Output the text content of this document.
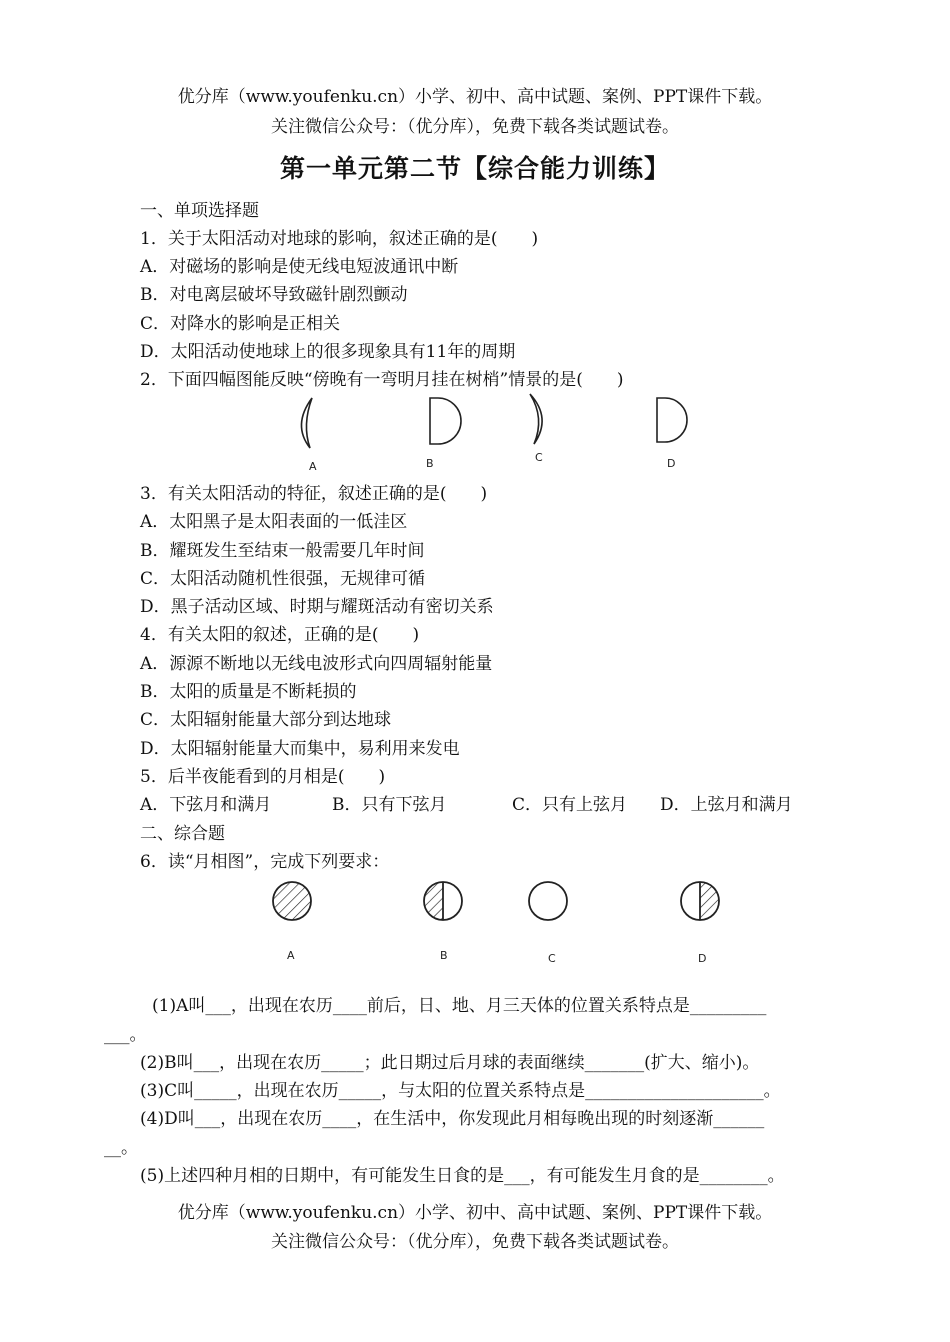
优分库（www.youfenku.cn）小学、初中、高中试题、案例、PPT课件下载。
关注微信公众号：（优分库），免费下载各类试题试卷。
第一单元第二节【综合能力训练】
一、单项选择题
1．关于太阳活动对地球的影响，叙述正确的是(　　)
A．对磁场的影响是使无线电短波通讯中断
B．对电离层破坏导致磁针剧烈颤动
C．对降水的影响是正相关
D．太阳活动使地球上的很多现象具有11年的周期
2．下面四幅图能反映“傍晚有一弯明月挂在树梢”情景的是(　　)
A	B	C	D
3．有关太阳活动的特征，叙述正确的是(　　)
A．太阳黑子是太阳表面的一低洼区
B．耀斑发生至结束一般需要几年时间
C．太阳活动随机性很强，无规律可循
D．黑子活动区域、时期与耀斑活动有密切关系
4．有关太阳的叙述，正确的是(　　)
A．源源不断地以无线电波形式向四周辐射能量
B．太阳的质量是不断耗损的
C．太阳辐射能量大部分到达地球
D．太阳辐射能量大而集中，易利用来发电
5．后半夜能看到的月相是(　　)
A．下弦月和满月	B．只有下弦月	C．只有上弦月 D．上弦月和满月
二、综合题
6．读“月相图”，完成下列要求：
A	B	C	D
(1)A叫___，出现在农历____前后，日、地、月三天体的位置关系特点是_________
___。
(2)B叫___，出现在农历_____；此日期过后月球的表面继续_______(扩大、缩小)。
(3)C叫_____，出现在农历_____，与太阳的位置关系特点是_____________________。
(4)D叫___，出现在农历____，在生活中，你发现此月相每晚出现的时刻逐渐______
__。
(5)上述四种月相的日期中，有可能发生日食的是___，有可能发生月食的是________。
优分库（www.youfenku.cn）小学、初中、高中试题、案例、PPT课件下载。
关注微信公众号：（优分库），免费下载各类试题试卷。
